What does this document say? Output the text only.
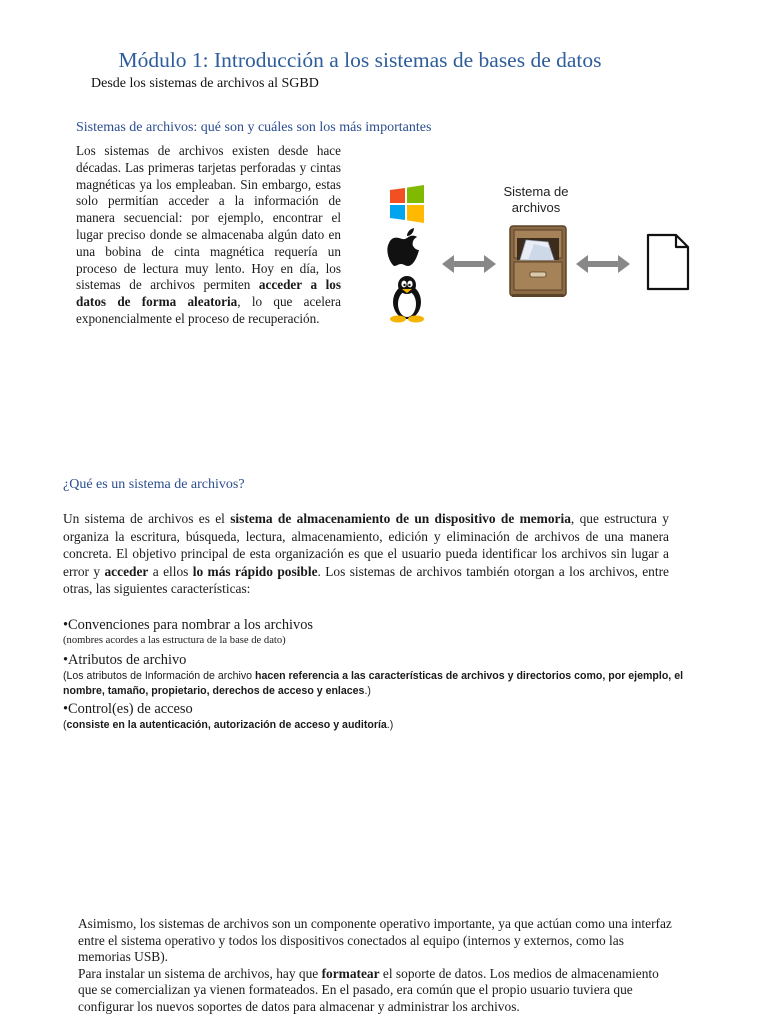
Módulo 1: Introducción a los sistemas de bases de datos
Desde los sistemas de archivos al SGBD
Sistemas de archivos: qué son y cuáles son los más importantes
Los sistemas de archivos existen desde hace décadas. Las primeras tarjetas perforadas y cintas magnéticas ya los empleaban. Sin embargo, estas solo permitían acceder a la información de manera secuencial: por ejemplo, encontrar el lugar preciso donde se almacenaba algún dato en una bobina de cinta magnética requería un proceso de lectura muy lento. Hoy en día, los sistemas de archivos permiten acceder a los datos de forma aleatoria, lo que acelera exponencialmente el proceso de recuperación.
Sistema de archivos
¿Qué es un sistema de archivos?
Un sistema de archivos es el sistema de almacenamiento de un dispositivo de memoria, que estructura y organiza la escritura, búsqueda, lectura, almacenamiento, edición y eliminación de archivos de una manera concreta. El objetivo principal de esta organización es que el usuario pueda identificar los archivos sin lugar a error y acceder a ellos lo más rápido posible. Los sistemas de archivos también otorgan a los archivos, entre otras, las siguientes características:
•Convenciones para nombrar a los archivos
(nombres acordes a las estructura de la base de dato)
•Atributos de archivo
(Los atributos de Información de archivo hacen referencia a las características de archivos y directorios como, por ejemplo, el nombre, tamaño, propietario, derechos de acceso y enlaces.)
•Control(es) de acceso
(consiste en la autenticación, autorización de acceso y auditoría.)
Asimismo, los sistemas de archivos son un componente operativo importante, ya que actúan como una interfaz entre el sistema operativo y todos los dispositivos conectados al equipo (internos y externos, como las memorias USB).
Para instalar un sistema de archivos, hay que formatear el soporte de datos. Los medios de almacenamiento que se comercializan ya vienen formateados. En el pasado, era común que el propio usuario tuviera que configurar los nuevos soportes de datos para almacenar y administrar los archivos.
